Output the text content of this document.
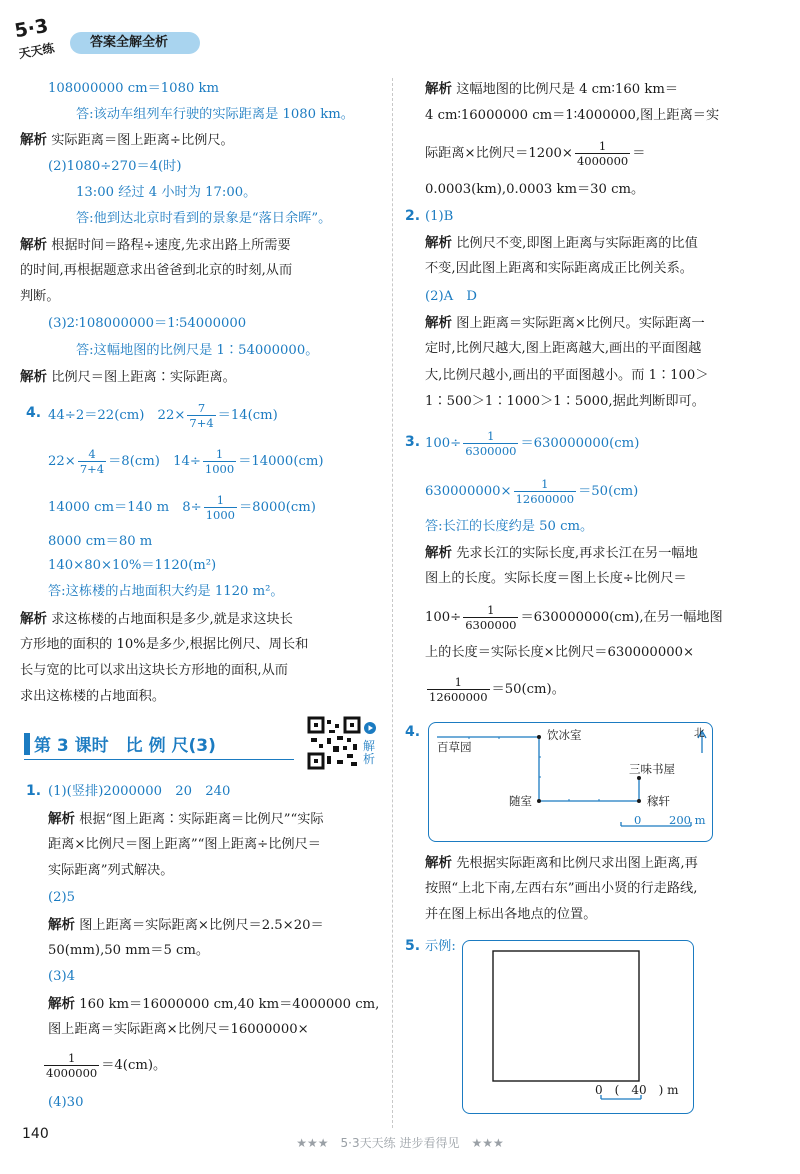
5·3
天天练	答案全解全析
108000000 cm＝1080 km
答:该动车组列车行驶的实际距离是 1080 km。
解析 实际距离＝图上距离÷比例尺。
(2)1080÷270＝4(时)
13:00 经过 4 小时为 17:00。
答:他到达北京时看到的景象是“落日余晖”。
解析 根据时间＝路程÷速度,先求出路上所需要
的时间,再根据题意求出爸爸到北京的时刻,从而
判断。
(3)2∶108000000＝1∶54000000
答:这幅地图的比例尺是 1∶54000000。
解析 比例尺＝图上距离∶实际距离。
4. 44÷2＝22(cm)　$22\times \frac{7}{7+4} =14(cm)$
$22\times \frac{4}{7+4} =8(cm)$　$14\div \frac{1}{1000} =14000(cm)$
14000 cm＝140 m　$8\div \frac{1}{1000} =8000(cm)$
8000 cm＝80 m
140×80×10%＝1120(m²)
答:这栋楼的占地面积大约是 1120 m²。
解析 求这栋楼的占地面积是多少,就是求这块长
方形地的面积的 10%是多少,根据比例尺、周长和
长与宽的比可以求出这块长方形地的面积,从而
求出这栋楼的占地面积。
第 3 课时　比 例 尺(3)	解析
1. (1)(竖排)2000000　20　240
解析 根据“图上距离∶实际距离＝比例尺”“实际
距离×比例尺＝图上距离”“图上距离÷比例尺＝
实际距离”列式解决。
(2)5
解析 图上距离＝实际距离×比例尺＝2.5×20＝
50(mm),50 mm＝5 cm。
(3)4
解析 160 km＝16000000 cm,40 km＝4000000 cm,
图上距离＝实际距离×比例尺＝16000000×
$\frac{1}{4000000} =4(cm)$。
(4)30
解析 这幅地图的比例尺是 4 cm∶160 km＝
4 cm∶16000000 cm＝1∶4000000,图上距离＝实
际距离×比例尺$=1200\times \frac{1}{4000000}$ ＝
0.0003(km),0.0003 km＝30 cm。
2. (1)B
解析 比例尺不变,即图上距离与实际距离的比值
不变,因此图上距离和实际距离成正比例关系。
(2)A　D
解析 图上距离＝实际距离×比例尺。实际距离一
定时,比例尺越大,图上距离越大,画出的平面图越
大,比例尺越小,画出的平面图越小。而 1∶100＞
1∶500＞1∶1000＞1∶5000,据此判断即可。
3. $100\div \frac{1}{6300000} =630000000(cm)$
$630000000\times \frac{1}{12600000} =50(cm)$
答:长江的长度约是 50 cm。
解析 先求长江的实际长度,再求长江在另一幅地
图上的长度。实际长度＝图上长度÷比例尺＝
$100\div \frac{1}{6300000} =630000000(cm)$,在另一幅地图
上的长度＝实际长度×比例尺＝630000000×
$\frac{1}{12600000} =50(cm)$。
4.
百草园
饮冰室
三味书屋
随室	稼轩
北
0 200 m
解析 先根据实际距离和比例尺求出图上距离,再
按照“上北下南,左西右东”画出小贤的行走路线,
并在图上标出各地点的位置。
5. 示例:
0　(　40　) m
140
★★★　5·3天天练 进步看得见　★★★
